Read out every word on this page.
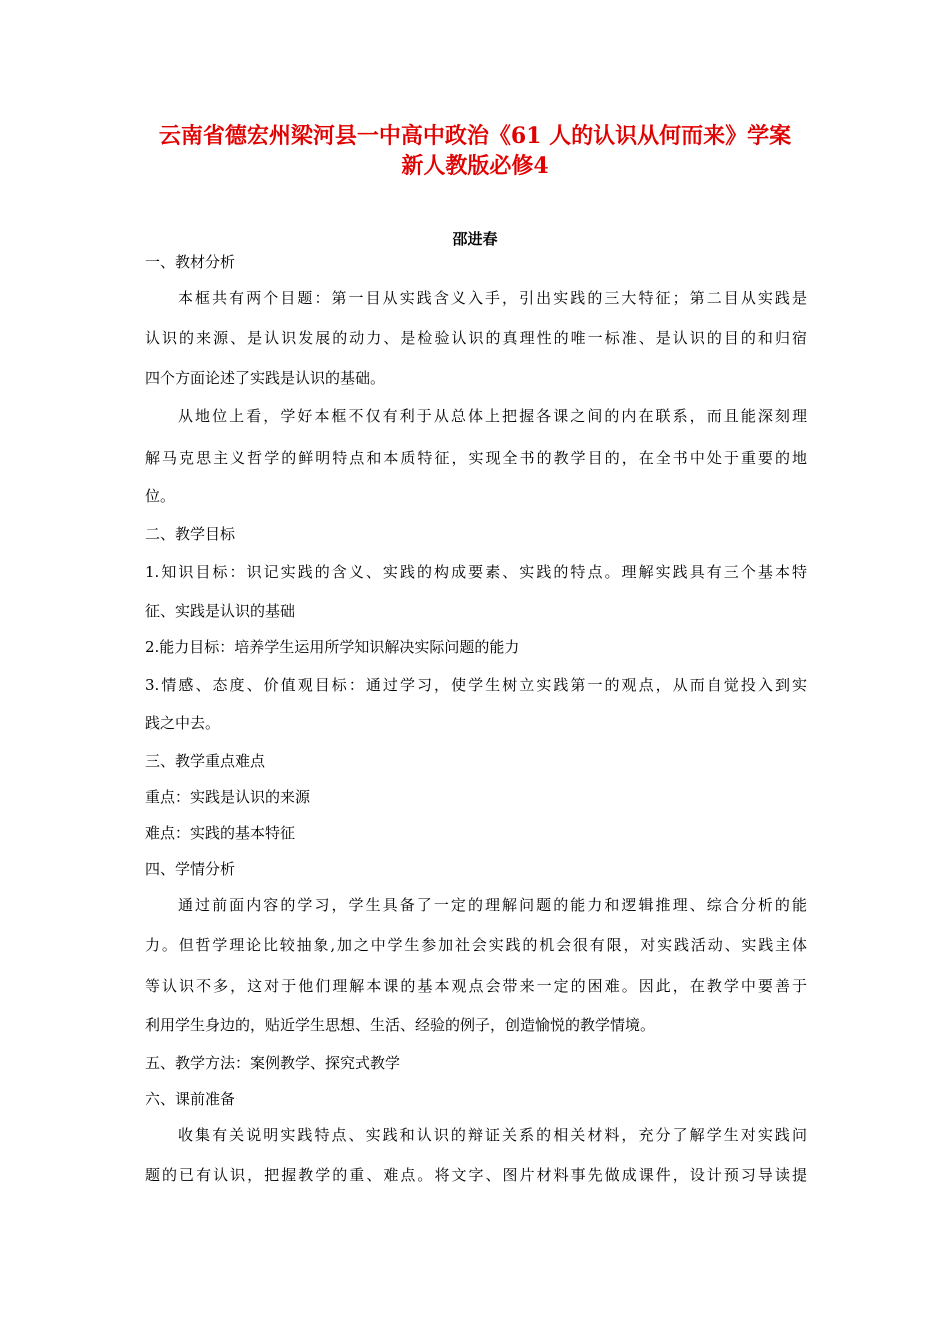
云南省德宏州梁河县一中高中政治《61 人的认识从何而来》学案
新人教版必修4
邵进春
一、教材分析
本框共有两个目题：第一目从实践含义入手，引出实践的三大特征；第二目从实践是
认识的来源、是认识发展的动力、是检验认识的真理性的唯一标准、是认识的目的和归宿
四个方面论述了实践是认识的基础。
从地位上看，学好本框不仅有利于从总体上把握各课之间的内在联系，而且能深刻理
解马克思主义哲学的鲜明特点和本质特征，实现全书的教学目的，在全书中处于重要的地
位。
二、教学目标
1.知识目标：识记实践的含义、实践的构成要素、实践的特点。理解实践具有三个基本特
征、实践是认识的基础
2.能力目标：培养学生运用所学知识解决实际问题的能力
3.情感、态度、价值观目标：通过学习，使学生树立实践第一的观点，从而自觉投入到实
践之中去。
三、教学重点难点
重点：实践是认识的来源
难点：实践的基本特征
四、学情分析
通过前面内容的学习，学生具备了一定的理解问题的能力和逻辑推理、综合分析的能
力。但哲学理论比较抽象,加之中学生参加社会实践的机会很有限，对实践活动、实践主体
等认识不多，这对于他们理解本课的基本观点会带来一定的困难。因此，在教学中要善于
利用学生身边的，贴近学生思想、生活、经验的例子，创造愉悦的教学情境。
五、教学方法：案例教学、探究式教学
六、课前准备
收集有关说明实践特点、实践和认识的辩证关系的相关材料，充分了解学生对实践问
题的已有认识，把握教学的重、难点。将文字、图片材料事先做成课件，设计预习导读提
